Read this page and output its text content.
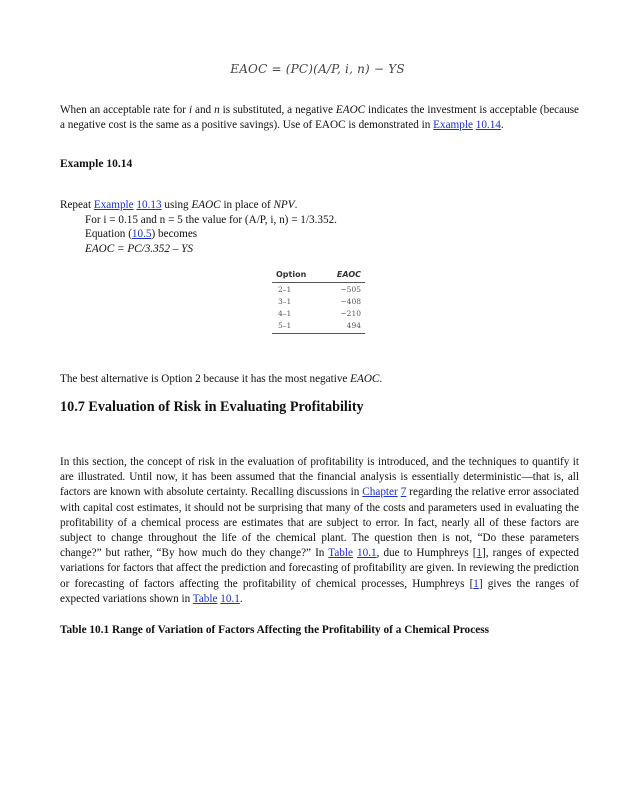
EAOC = (PC)(A/P, i, n) − YS

When an acceptable rate for i and n is substituted, a negative EAOC indicates the investment is acceptable (because a negative cost is the same as a positive savings). Use of EAOC is demonstrated in Example 10.14.

Example 10.14

Repeat Example 10.13 using EAOC in place of NPV.
For i = 0.15 and n = 5 the value for (A/P, i, n) = 1/3.352.
Equation (10.5) becomes
EAOC = PC/3.352 – YS
Option	EAOC
2–1	−505
3–1	−408
4–1	−210
5–1	494

The best alternative is Option 2 because it has the most negative EAOC.

10.7 Evaluation of Risk in Evaluating Profitability

In this section, the concept of risk in the evaluation of profitability is introduced, and the techniques to quantify it are illustrated. Until now, it has been assumed that the financial analysis is essentially deterministic—that is, all factors are known with absolute certainty. Recalling discussions in Chapter 7 regarding the relative error associated with capital cost estimates, it should not be surprising that many of the costs and parameters used in evaluating the profitability of a chemical process are estimates that are subject to error. In fact, nearly all of these factors are subject to change throughout the life of the chemical plant. The question then is not, “Do these parameters change?” but rather, “By how much do they change?” In Table 10.1, due to Humphreys [1], ranges of expected variations for factors that affect the prediction and forecasting of profitability are given. In reviewing the prediction or forecasting of factors affecting the profitability of chemical processes, Humphreys [1] gives the ranges of expected variations shown in Table 10.1.

Table 10.1 Range of Variation of Factors Affecting the Profitability of a Chemical Process
